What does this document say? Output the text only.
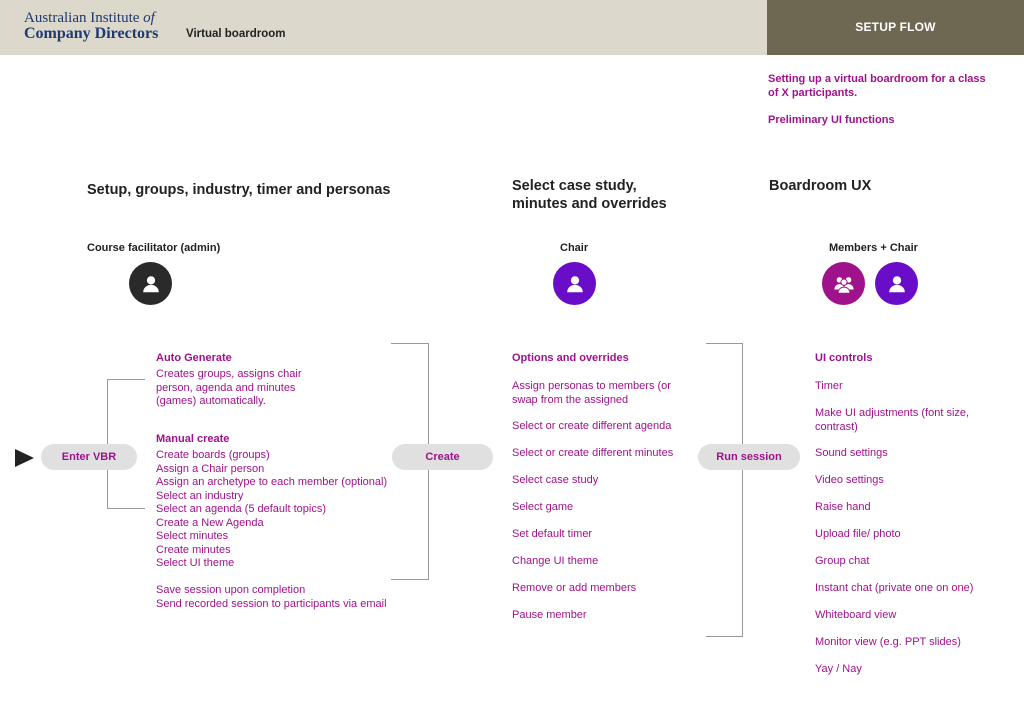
Australian Institute of
Company Directors Virtual boardroom	SETUP FLOW
Setting up a virtual boardroom for a class
of X participants.
Preliminary UI functions
Setup, groups, industry, timer and personas	Select case study,
minutes and overrides
Boardroom UX
Course facilitator (admin)	Chair	Members + Chair
Enter VBR	Create	Run session
Auto Generate
Creates groups, assigns chair
person, agenda and minutes
(games) automatically.
Manual create
Create boards (groups)
Assign a Chair person
Assign an archetype to each member (optional)
Select an industry
Select an agenda (5 default topics)
Create a New Agenda
Select minutes
Create minutes
Select UI theme
Save session upon completion
Send recorded session to participants via email
Options and overrides
Assign personas to members (or
swap from the assigned
Select or create different agenda
Select or create different minutes
Select case study
Select game
Set default timer
Change UI theme
Remove or add members
Pause member
UI controls
Timer
Make UI adjustments (font size,
contrast)
Sound settings
Video settings
Raise hand
Upload file/ photo
Group chat
Instant chat (private one on one)
Whiteboard view
Monitor view (e.g. PPT slides)
Yay / Nay
